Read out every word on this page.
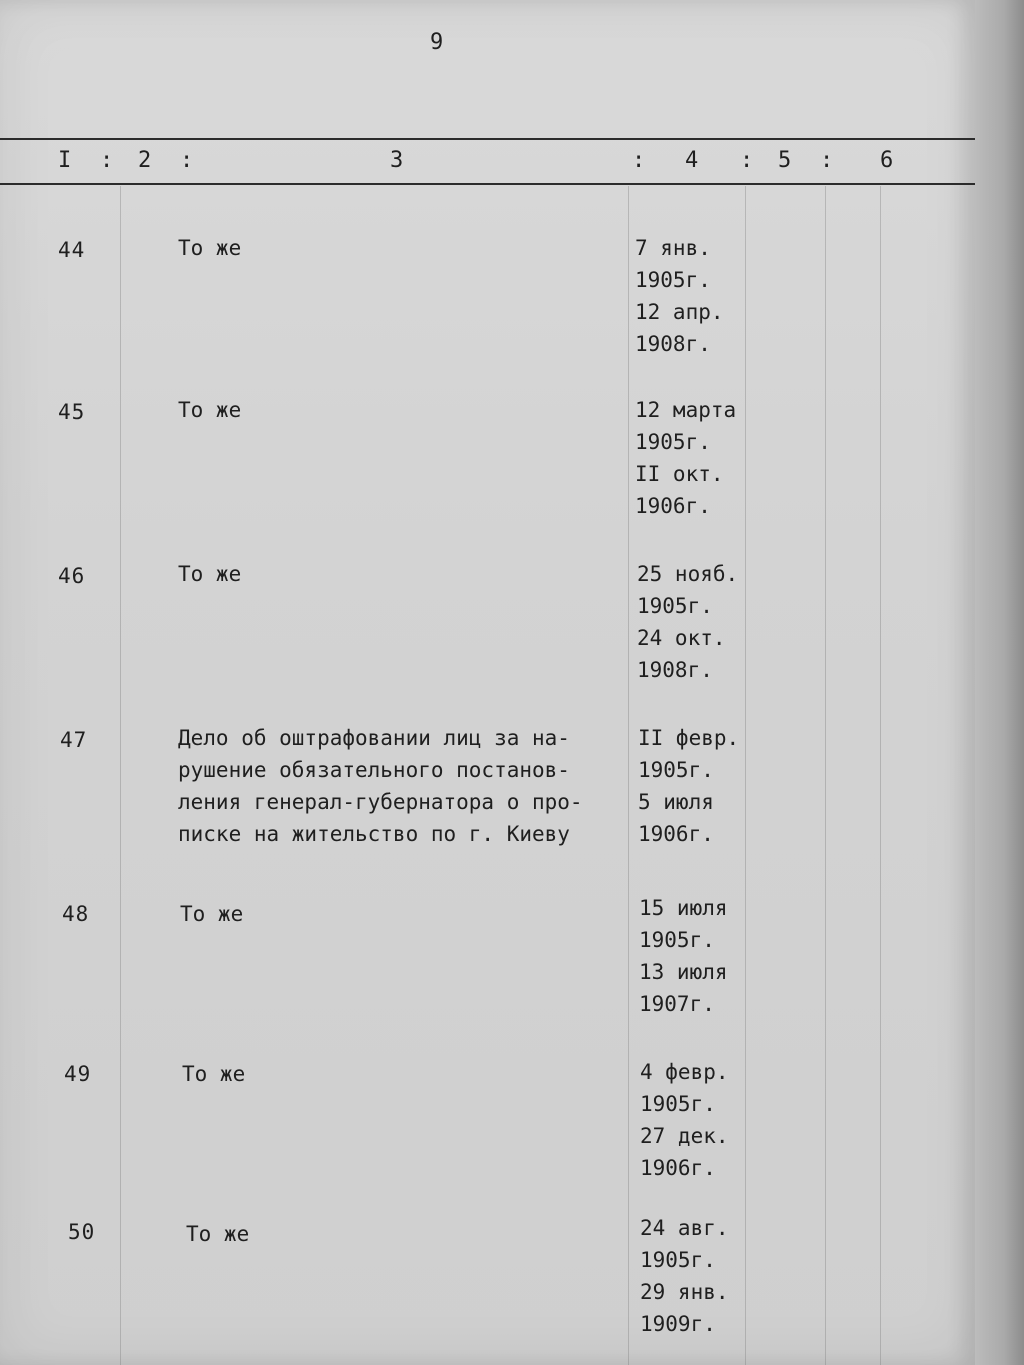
9
I : 2 :	3	: 4 : 5 : 6
44	То же	7 янв.
1905г.
12 апр.
1908г.
45	То же	12 марта
1905г.
II окт.
1906г.
46	То же	25 нояб.
1905г.
24 окт.
1908г.
47	Дело об оштрафовании лиц за на-
рушение обязательного постанов-
ления генерал-губернатора о про-
писке на жительство по г. Киеву
II февр.
1905г.
5 июля
1906г.
48	То же	15 июля
1905г.
13 июля
1907г.
49	То же	4 февр.
1905г.
27 дек.
1906г.
50	То же	24 авг.
1905г.
29 янв.
1909г.
